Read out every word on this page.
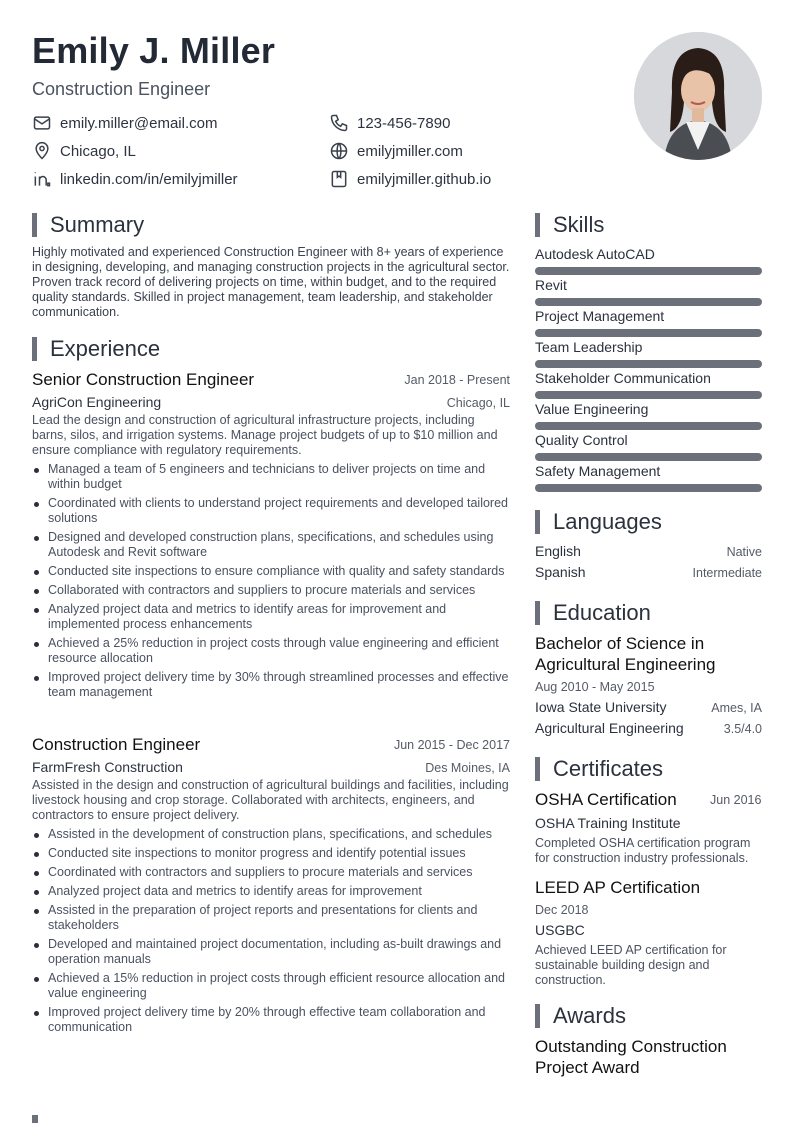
Emily J. Miller
Construction Engineer
emily.miller@email.com	123-456-7890
Chicago, IL	emilyjmiller.com
linkedin.com/in/emilyjmiller	emilyjmiller.github.io
Summary
Highly motivated and experienced Construction Engineer with 8+ years of experience in designing, developing, and managing construction projects in the agricultural sector. Proven track record of delivering projects on time, within budget, and to the required quality standards. Skilled in project management, team leadership, and stakeholder communication.
Experience
Senior Construction Engineer	Jan 2018 - Present
AgriCon Engineering	Chicago, IL
Lead the design and construction of agricultural infrastructure projects, including barns, silos, and irrigation systems. Manage project budgets of up to $10 million and ensure compliance with regulatory requirements.
Managed a team of 5 engineers and technicians to deliver projects on time and within budget
Coordinated with clients to understand project requirements and developed tailored solutions
Designed and developed construction plans, specifications, and schedules using Autodesk and Revit software
Conducted site inspections to ensure compliance with quality and safety standards
Collaborated with contractors and suppliers to procure materials and services
Analyzed project data and metrics to identify areas for improvement and implemented process enhancements
Achieved a 25% reduction in project costs through value engineering and efficient resource allocation
Improved project delivery time by 30% through streamlined processes and effective team management
Construction Engineer	Jun 2015 - Dec 2017
FarmFresh Construction	Des Moines, IA
Assisted in the design and construction of agricultural buildings and facilities, including livestock housing and crop storage. Collaborated with architects, engineers, and contractors to ensure project delivery.
Assisted in the development of construction plans, specifications, and schedules
Conducted site inspections to monitor progress and identify potential issues
Coordinated with contractors and suppliers to procure materials and services
Analyzed project data and metrics to identify areas for improvement
Assisted in the preparation of project reports and presentations for clients and stakeholders
Developed and maintained project documentation, including as-built drawings and operation manuals
Achieved a 15% reduction in project costs through efficient resource allocation and value engineering
Improved project delivery time by 20% through effective team collaboration and communication
Skills
Autodesk AutoCAD
Revit
Project Management
Team Leadership
Stakeholder Communication
Value Engineering
Quality Control
Safety Management
Languages
English	Native
Spanish	Intermediate
Education
Bachelor of Science in Agricultural Engineering
Aug 2010 - May 2015
Iowa State University	Ames, IA
Agricultural Engineering	3.5/4.0
Certificates
OSHA Certification	Jun 2016
OSHA Training Institute
Completed OSHA certification program for construction industry professionals.
LEED AP Certification
Dec 2018
USGBC
Achieved LEED AP certification for sustainable building design and construction.
Awards
Outstanding Construction Project Award
